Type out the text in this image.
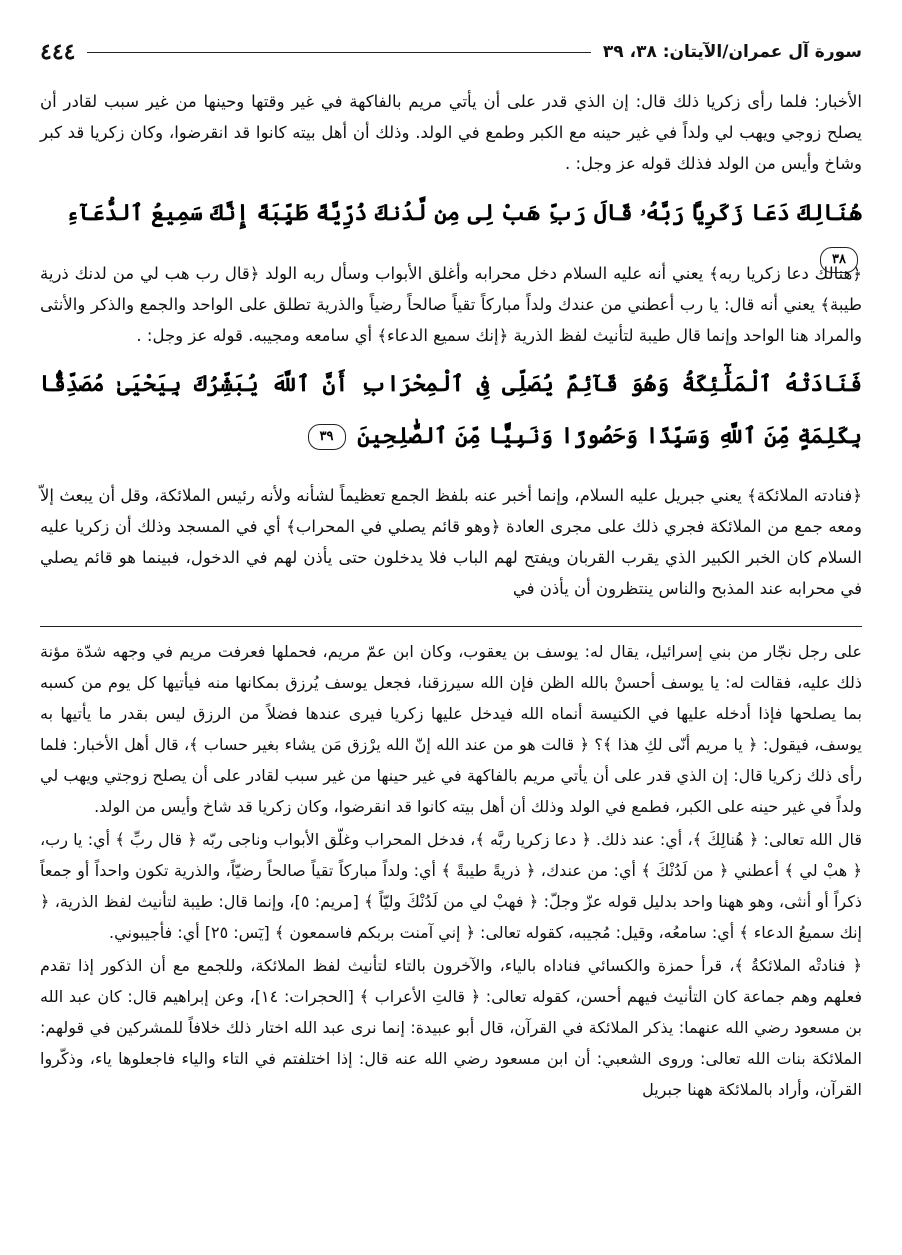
٤٤٤	سورة آل عمران/الآيتان: ٣٨، ٣٩

الأخبار: فلما رأى زكريا ذلك قال: إن الذي قدر على أن يأتي مريم بالفاكهة في غير وقتها وحينها من غير سبب لقادر أن يصلح زوجي ويهب لي ولداً في غير حينه مع الكبر وطمع في الولد. وذلك أن أهل بيته كانوا قد انقرضوا، وكان زكريا قد كبر وشاخ وأيس من الولد فذلك قوله عز وجل: .

هُنَالِكَ دَعَا زَكَرِيَّا رَبَّهُۥ قَالَ رَبِّ هَبْ لِى مِن لَّدُنكَ ذُرِّيَّةً طَيِّبَةً إِنَّكَ سَمِيعُ ٱلدُّعَآءِ ٣٨

﴿هنالك دعا زكريا ربه﴾ يعني أنه عليه السلام دخل محرابه وأغلق الأبواب وسأل ربه الولد ﴿قال رب هب لي من لدنك ذرية طيبة﴾ يعني أنه قال: يا رب أعطني من عندك ولداً مباركاً تقياً صالحاً رضياً والذرية تطلق على الواحد والجمع والذكر والأنثى والمراد هنا الواحد وإنما قال طيبة لتأنيث لفظ الذرية ﴿إنك سميع الدعاء﴾ أي سامعه ومجيبه. قوله عز وجل: .

فَنَادَتْهُ ٱلْمَلَٰٓئِكَةُ وَهُوَ قَآئِمٌ يُصَلِّى فِى ٱلْمِحْرَابِ أَنَّ ٱللَّهَ يُبَشِّرُكَ بِيَحْيَىٰ مُصَدِّقًۢا بِكَلِمَةٍ مِّنَ ٱللَّهِ وَسَيِّدًا وَحَصُورًا وَنَبِيًّا مِّنَ ٱلصَّٰلِحِينَ ٣٩

﴿فنادته الملائكة﴾ يعني جبريل عليه السلام، وإنما أخبر عنه بلفظ الجمع تعظيماً لشأنه ولأنه رئيس الملائكة، وقل أن يبعث إلاّ ومعه جمع من الملائكة فجري ذلك على مجرى العادة ﴿وهو قائم يصلي في المحراب﴾ أي في المسجد وذلك أن زكريا عليه السلام كان الخبر الكبير الذي يقرب القربان ويفتح لهم الباب فلا يدخلون حتى يأذن لهم في الدخول، فبينما هو قائم يصلي في محرابه عند المذبح والناس ينتظرون أن يأذن في

على رجل نجّار من بني إسرائيل، يقال له: يوسف بن يعقوب، وكان ابن عمّ مريم، فحملها فعرفت مريم في وجهه شدّة مؤنة ذلك عليه، فقالت له: يا يوسف أحسنْ بالله الظن فإن الله سيرزقنا، فجعل يوسف يُرزق بمكانها منه فيأتيها كل يوم من كسبه بما يصلحها فإذا أدخله عليها في الكنيسة أنماه الله فيدخل عليها زكريا فيرى عندها فضلاً من الرزق ليس بقدر ما يأتيها به يوسف، فيقول: ﴿ يا مريم أنّى لكِ هذا ﴾؟ ﴿ قالت هو من عند الله إنّ الله يرْزق مَن يشاء بغير حساب ﴾، قال أهل الأخبار: فلما رأى ذلك زكريا قال: إن الذي قدر على أن يأتي مريم بالفاكهة في غير حينها من غير سبب لقادر على أن يصلح زوجتي ويهب لي ولداً في غير حينه على الكبر، فطمع في الولد وذلك أن أهل بيته كانوا قد انقرضوا، وكان زكريا قد شاخ وأيس من الولد.

قال الله تعالى: ﴿ هُنالِكَ ﴾، أي: عند ذلك. ﴿ دعا زكريا ربَّه ﴾، فدخل المحراب وغلّق الأبواب وناجى ربّه ﴿ قال ربِّ ﴾ أي: يا رب، ﴿ هبْ لي ﴾ أعطني ﴿ من لَدُنْكَ ﴾ أي: من عندك، ﴿ ذريةً طيبةً ﴾ أي: ولداً مباركاً تقياً صالحاً رضيّاً، والذرية تكون واحداً أو جمعاً ذكراً أو أنثى، وهو ههنا واحد بدليل قوله عزّ وجلّ: ﴿ فهبْ لي من لَدُنْكَ وليّاً ﴾ [مريم: ٥]، وإنما قال: طيبة لتأنيث لفظ الذرية، ﴿ إنك سميعُ الدعاء ﴾ أي: سامعُه، وقيل: مُجيبه، كقوله تعالى: ﴿ إني آمنت بربكم فاسمعون ﴾ [يٓس: ٢٥] أي: فأجيبوني.

﴿ فنادتْه الملائكةُ ﴾، قرأ حمزة والكسائي فناداه بالياء، والآخرون بالتاء لتأنيث لفظ الملائكة، وللجمع مع أن الذكور إذا تقدم فعلهم وهم جماعة كان التأنيث فيهم أحسن، كقوله تعالى: ﴿ قالتِ الأعراب ﴾ [الحجرات: ١٤]، وعن إبراهيم قال: كان عبد الله بن مسعود رضي الله عنهما: يذكر الملائكة في القرآن، قال أبو عبيدة: إنما نرى عبد الله اختار ذلك خلافاً للمشركين في قولهم: الملائكة بنات الله تعالى: وروى الشعبي: أن ابن مسعود رضي الله عنه قال: إذا اختلفتم في التاء والياء فاجعلوها ياء، وذكّروا القرآن، وأراد بالملائكة ههنا جبريل
